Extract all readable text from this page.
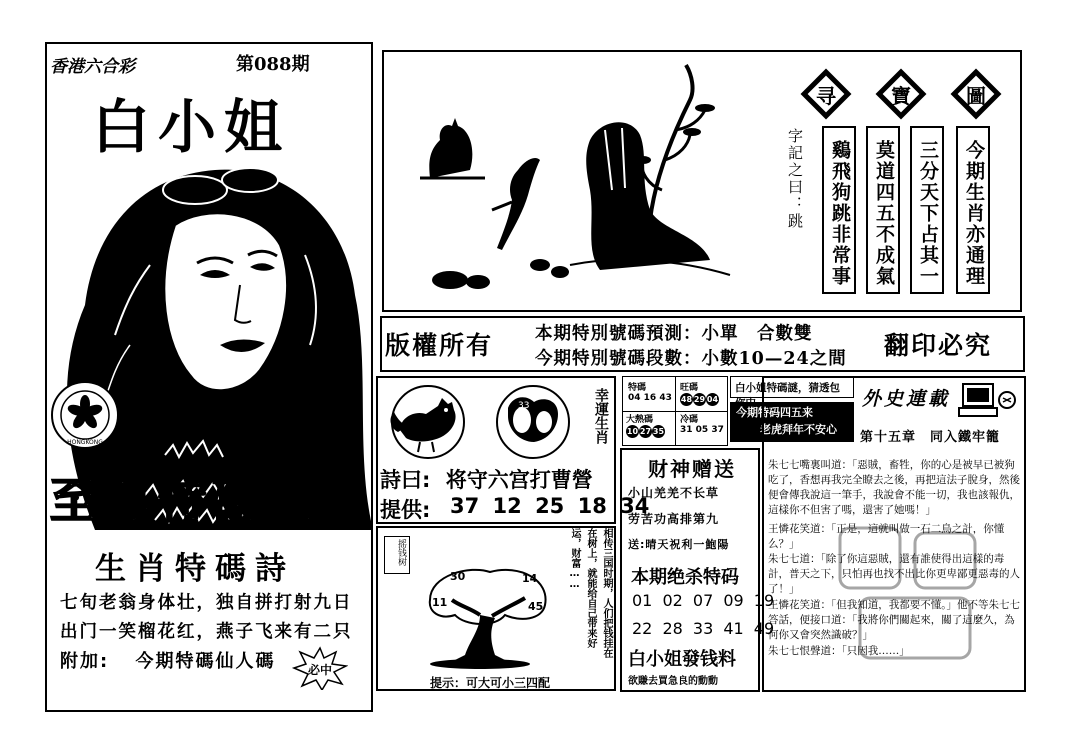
香港六合彩	第088期
白小姐
HONGKONG
至尊特碼報
生肖特碼詩
七旬老翁身体壮，独自拼打射九日
出门一笑榴花红，燕子飞来有二只
附加: 今期特碼仙人碼	必中
寻	寶	圖
今期生肖亦通理
三分天下占其一
莫道四五不成氣
鷄飛狗跳非常事
字記之曰：跳
版權所有 本期特別號碼預測：小單　合數雙
今期特別號碼段數：小數10—24之間 翻印必究
33	幸運生肖
詩曰: 将守六宫打曹營
提供: 37 12 25 18 34
摇钱树
30	14
11	45
提示：可大可小三四配
相传三国时期，人们把钱挂在
在树上，就能给自己带来好
运，财富……
特碼
04 16 43
旺碼
48 29 04
大熱碼
10 27 35
冷碼
31 05 37
白小姐特碼謎，猜透包
今期特码四五来
老虎拜年不安心
财神赠送
小山羌羌不长草
劳苦功高排第九
送:晴天祝利一鮑陽
本期绝杀特码
01 02 07 09 19
22 28 33 41 49
白小姐發钱料
欲賺去買急良的動動
外史連載
第十五章　同入鐵牢籠
朱七七嘴裏叫道：「惡賊，畜牲，你的心是被早已被狗吃了，香想再我完全瞭去之後，再把這法子脫身，然後便會傳我說這一筆手，我說會不能一切，我也該報仇，這樣你不但害了嗎，還害了她嗎！」
王憐花笑道：「正是，這就叫做一石二鳥之計，你懂么？」
朱七七道：「除了你這惡賊，還有誰使得出這樣的毒計，普天之下，只怕再也找不出比你更卑鄙更惡毒的人了！」
王憐花笑道：「但我知道，我都要不懂。」他不等朱七七答話，便接口道：「我將你們關起來，關了這麼久，為何你又會突然識破？」
朱七七恨聲道：「只因我……」
